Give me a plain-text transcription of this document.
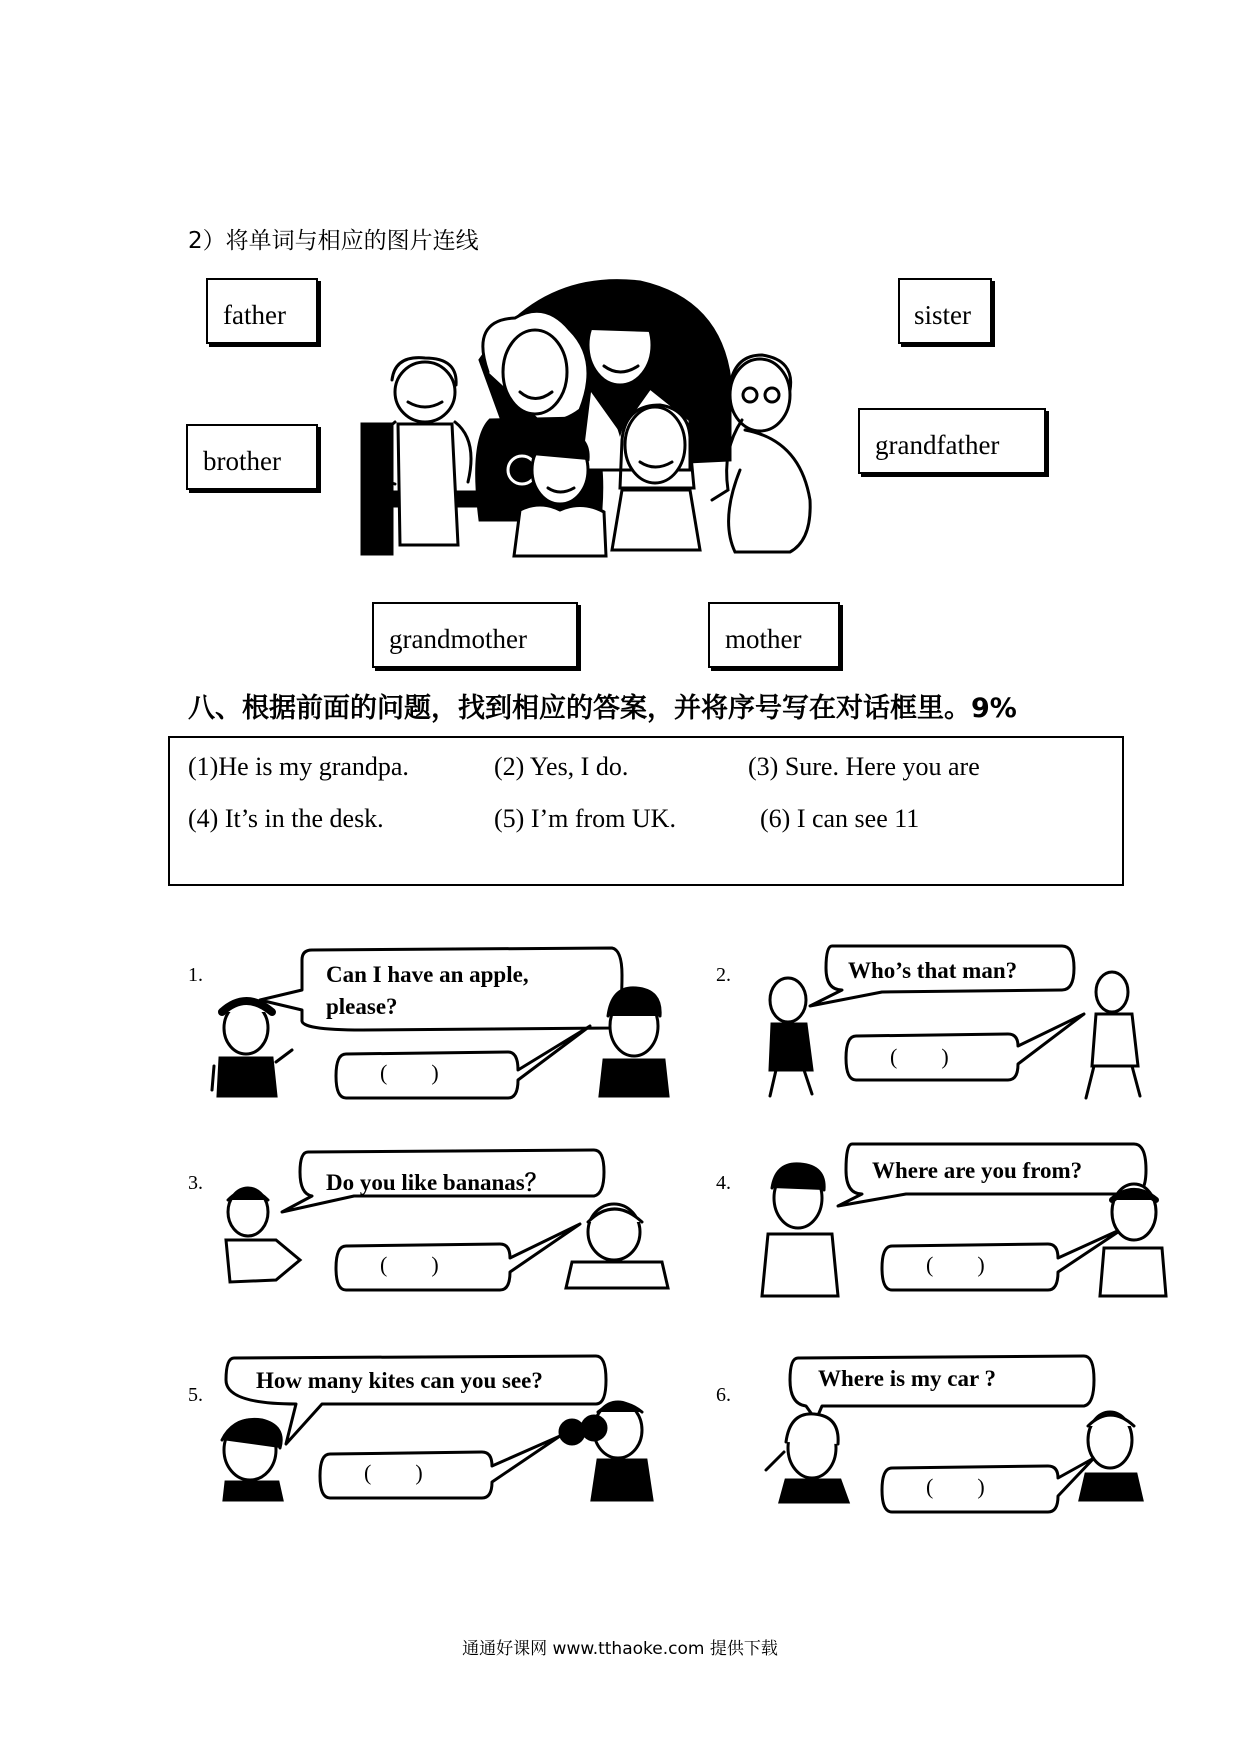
2）将单词与相应的图片连线
father	sister
brother
grandfather
grandmother	mother
八、根据前面的问题，找到相应的答案，并将序号写在对话框里。9%
(1)He is my grandpa.	(2) Yes, I do.	(3) Sure. Here you are
(4) It’s in the desk.	(5) I’m from UK.	(6) I can see 11
1.	2.
3.	4.
5.	6.
Can I have an apple,
please?
Who’s that man?
Do you like bananas？	Where are you from?
How many kites can you see?	Where is my car ?
(        )
(        )
(        )	(        )
(        )
(        )
通通好课网 www.tthaoke.com 提供下载
